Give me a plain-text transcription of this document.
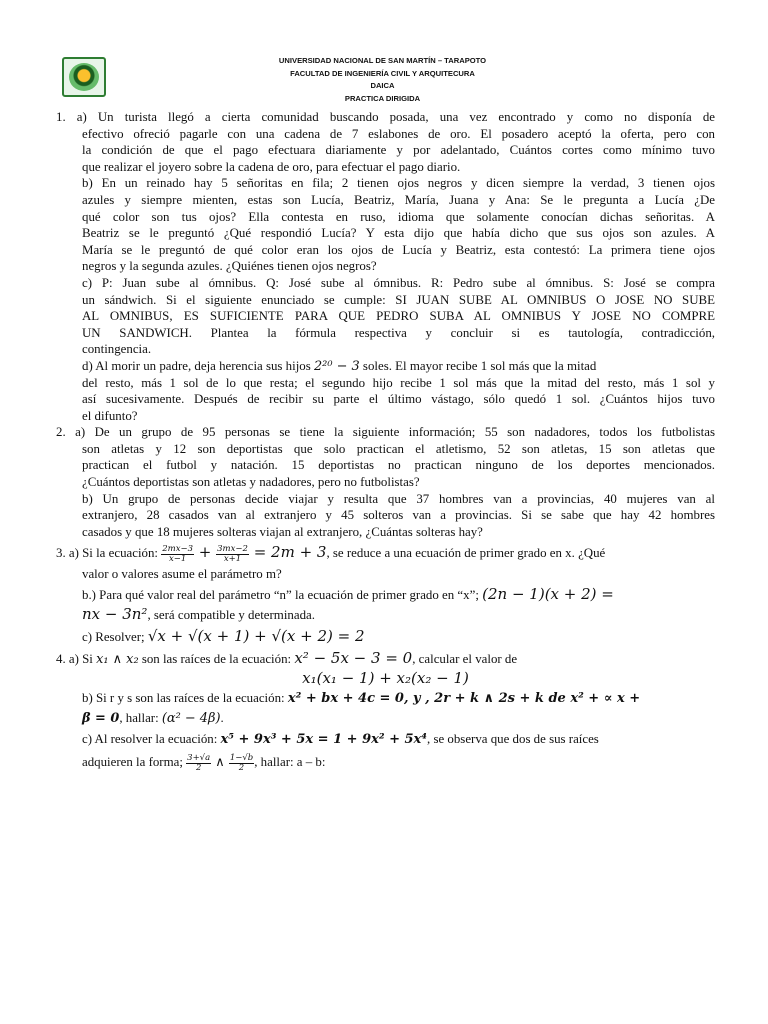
UNIVERSIDAD NACIONAL DE SAN MARTÍN – TARAPOTO
FACULTAD DE INGENIERÍA CIVIL Y ARQUITECURA
DAICA
PRACTICA DIRIGIDA
1. a) Un turista llegó a cierta comunidad buscando posada, una vez encontrado y como no disponía de
efectivo ofreció pagarle con una cadena de 7 eslabones de oro. El posadero aceptó la oferta, pero con
la condición de que el pago efectuara diariamente y por adelantado, Cuántos cortes como mínimo tuvo
que realizar el joyero sobre la cadena de oro, para efectuar el pago diario.
b) En un reinado hay 5 señoritas en fila; 2 tienen ojos negros y dicen siempre la verdad, 3 tienen ojos
azules y siempre mienten, estas son Lucía, Beatriz, María, Juana y Ana: Se le pregunta a Lucía ¿De
qué color son tus ojos? Ella contesta en ruso, idioma que solamente conocían dichas señoritas. A
Beatriz se le preguntó ¿Qué respondió Lucía? Y esta dijo que había dicho que sus ojos son azules. A
María se le preguntó de qué color eran los ojos de Lucía y Beatriz, esta contestó: La primera tiene ojos
negros y la segunda azules. ¿Quiénes tienen ojos negros?
c) P: Juan sube al ómnibus. Q: José sube al ómnibus. R: Pedro sube al ómnibus. S: José se compra
un sándwich. Si el siguiente enunciado se cumple: SI JUAN SUBE AL OMNIBUS O JOSE NO SUBE
AL OMNIBUS, ES SUFICIENTE PARA QUE PEDRO SUBA AL OMNIBUS Y JOSE NO COMPRE
UN SANDWICH. Plantea la fórmula respectiva y concluir si es tautología, contradicción,
contingencia.
d) Al morir un padre, deja herencia sus hijos 2²⁰ − 3 soles. El mayor recibe 1 sol más que la mitad
del resto, más 1 sol de lo que resta; el segundo hijo recibe 1 sol más que la mitad del resto, más 1 sol y
así sucesivamente. Después de recibir su parte el último vástago, sólo quedó 1 sol. ¿Cuántos hijos tuvo
el difunto?
2. a) De un grupo de 95 personas se tiene la siguiente información; 55 son nadadores, todos los futbolistas
son atletas y 12 son deportistas que solo practican el atletismo, 52 son atletas, 15 son atletas que
practican el futbol y natación. 15 deportistas no practican ninguno de los deportes mencionados.
¿Cuántos deportistas son atletas y nadadores, pero no futbolistas?
b) Un grupo de personas decide viajar y resulta que 37 hombres van a provincias, 40 mujeres van al
extranjero, 28 casados van al extranjero y 45 solteros van a provincias. Si se sabe que hay 42 hombres
casados y que 18 mujeres solteras viajan al extranjero, ¿Cuántas solteras hay?
3. a) Si la ecuación: $\frac{2mx-3}{x-1} + \frac{3mx-2}{x+1} = 2m + 3$, se reduce a una ecuación de primer grado en x. ¿Qué
valor o valores asume el parámetro m?
b.) Para qué valor real del parámetro “n” la ecuación de primer grado en “x”; (2n − 1)(x + 2) =
nx − 3n², será compatible y determinada.
c) Resolver; √x + √(x + 1) + √(x + 2) = 2
4. a) Si x₁ ∧ x₂ son las raíces de la ecuación: x² − 5x − 3 = 0, calcular el valor de
x₁(x₁ − 1) + x₂(x₂ − 1)
b) Si r y s son las raíces de la ecuación: x² + bx + 4c = 0, y , 2r + k ∧ 2s + k de x² + ∝ x +
β = 0, hallar: (α² − 4β).
c) Al resolver la ecuación: x⁵ + 9x³ + 5x = 1 + 9x² + 5x⁴, se observa que dos de sus raíces
adquieren la forma; $\frac{3+√a}{2}$ ∧ $\frac{1-√b}{2}$ , hallar: a – b:
